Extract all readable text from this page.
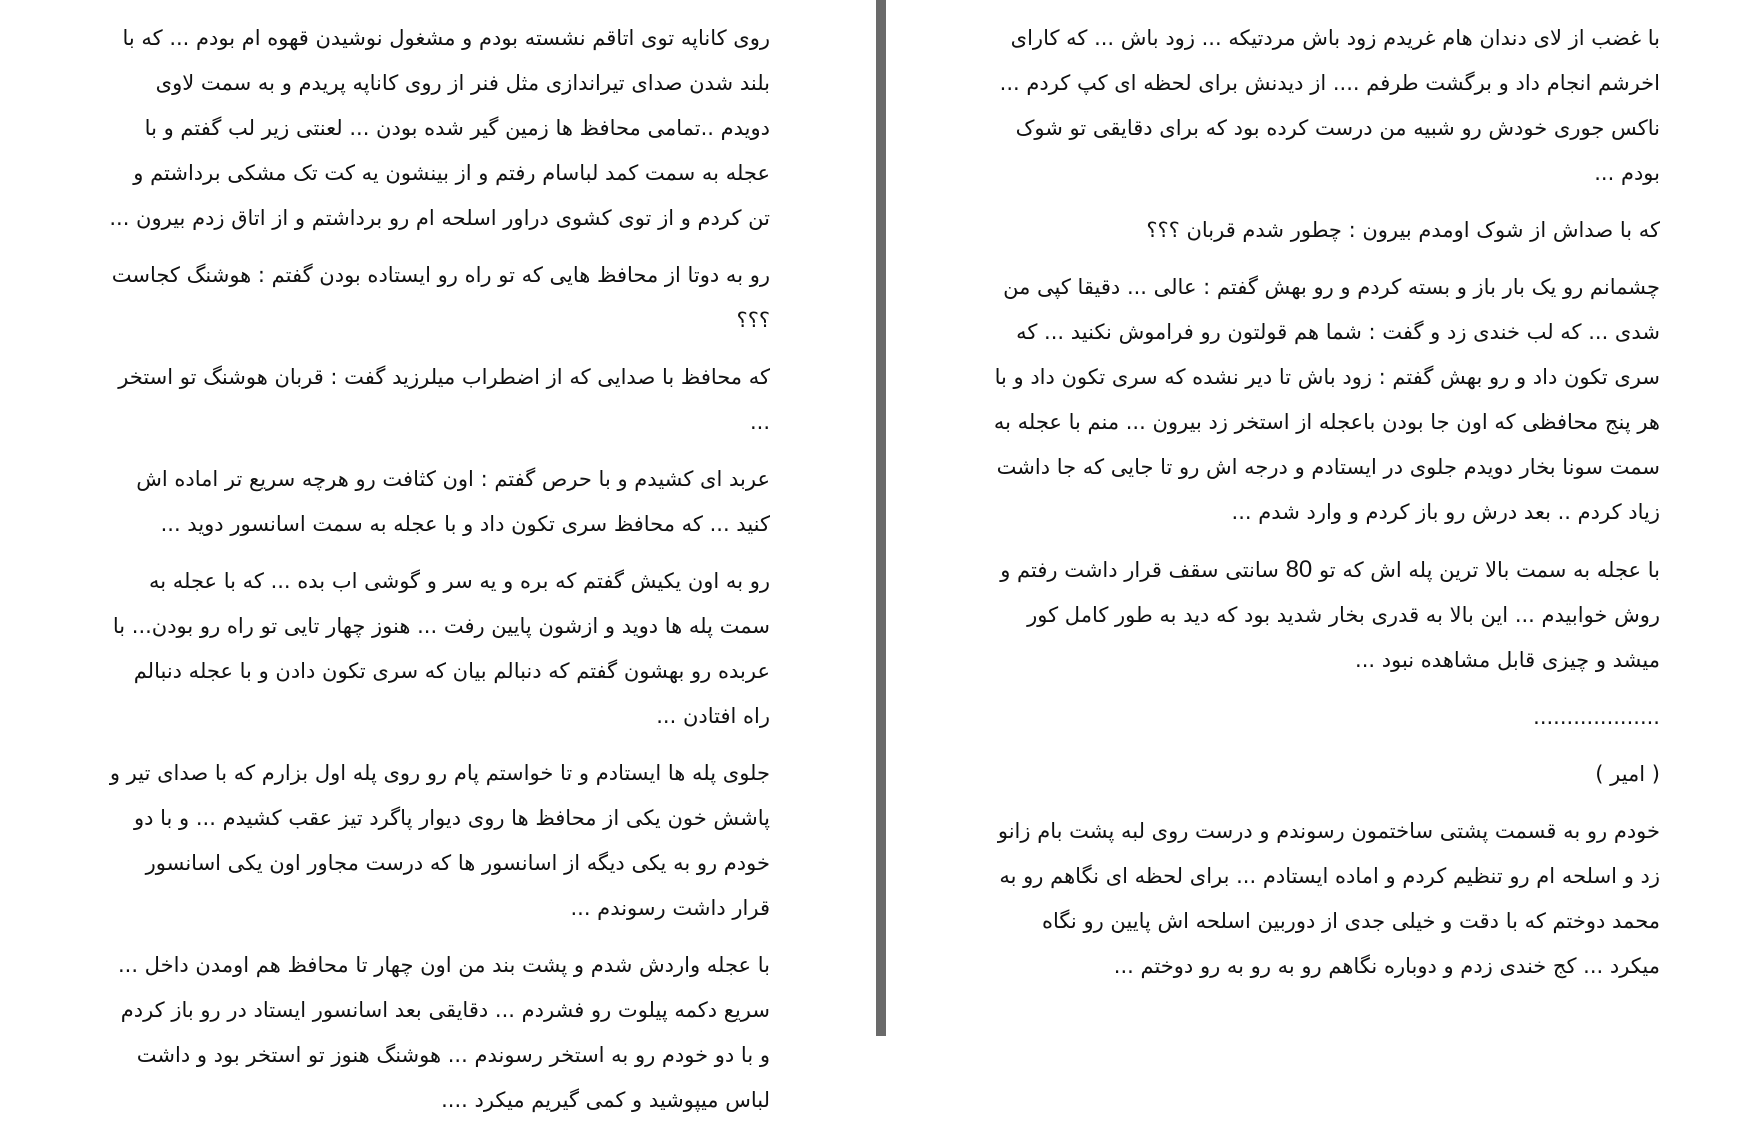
روی کاناپه توی اتاقم نشسته بودم و مشغول نوشیدن قهوه ام بودم ... که با بلند شدن صدای تیراندازی مثل فنر از روی کاناپه پریدم و به سمت لاوی دویدم ..تمامی محافظ ها زمین گیر شده بودن ... لعنتی زیر لب گفتم و با عجله به سمت کمد لباسام رفتم و از بینشون یه کت تک مشکی برداشتم و تن کردم و از توی کشوی دراور اسلحه ام رو برداشتم و از اتاق زدم بیرون ...

رو به دوتا از محافظ هایی که تو راه رو ایستاده بودن گفتم : هوشنگ کجاست ؟؟؟

که محافظ با صدایی که از اضطراب میلرزید گفت : قربان هوشنگ تو استخر ...

عربد ای کشیدم و با حرص گفتم : اون کثافت رو هرچه سریع تر اماده اش کنید ... که محافظ سری تکون داد و با عجله به سمت اسانسور دوید ...

رو به اون یکیش گفتم که بره و یه سر و گوشی اب بده ... که با عجله به سمت پله ها دوید و ازشون پایین رفت ... هنوز چهار تایی تو راه رو بودن... با عربده رو بهشون گفتم که دنبالم بیان که سری تکون دادن و با عجله دنبالم راه افتادن ...

جلوی پله ها ایستادم و تا خواستم پام رو روی پله اول بزارم که با صدای تیر و پاشش خون یکی از محافظ ها روی دیوار پاگرد تیز عقب کشیدم ... و با دو خودم رو به یکی دیگه از اسانسور ها که درست مجاور اون یکی اسانسور قرار داشت رسوندم ...

با عجله واردش شدم و پشت بند من اون چهار تا محافظ هم اومدن داخل ... سریع دکمه پیلوت رو فشردم ... دقایقی بعد اسانسور ایستاد در رو باز کردم و با دو خودم رو به استخر رسوندم ... هوشنگ هنوز تو استخر بود و داشت لباس میپوشید و کمی گیریم میکرد ....

با غضب از لای دندان هام غریدم زود باش مردتیکه ... زود باش ... که کارای اخرشم انجام داد و برگشت طرفم .... از دیدنش برای لحظه ای کپ کردم ... ناکس جوری خودش رو شبیه من درست کرده بود که برای دقایقی تو شوک بودم ...

که با صداش از شوک اومدم بیرون : چطور شدم قربان ؟؟؟

چشمانم رو یک بار باز و بسته کردم و رو بهش گفتم : عالی ... دقیقا کپی من شدی ... که لب خندی زد و گفت : شما هم قولتون رو فراموش نکنید ... که سری تکون داد و رو بهش گفتم : زود باش تا دیر نشده که سری تکون داد و با هر پنج محافظی که اون جا بودن باعجله از استخر زد بیرون ... منم با عجله به سمت سونا بخار دویدم جلوی در ایستادم و درجه اش رو تا جایی که جا داشت زیاد کردم .. بعد درش رو باز کردم و وارد شدم ...

با عجله به سمت بالا ترین پله اش که تو 80 سانتی سقف قرار داشت رفتم و روش خوابیدم ... این بالا به قدری بخار شدید بود که دید به طور کامل کور میشد و چیزی قابل مشاهده نبود ...

...................

( امیر )

خودم رو به قسمت پشتی ساختمون رسوندم و درست روی لبه پشت بام زانو زد و اسلحه ام رو تنظیم کردم و اماده ایستادم ... برای لحظه ای نگاهم رو به محمد دوختم که با دقت و خیلی جدی از دوربین اسلحه اش پایین رو نگاه میکرد ... کج خندی زدم و دوباره نگاهم رو به رو به رو دوختم ...
